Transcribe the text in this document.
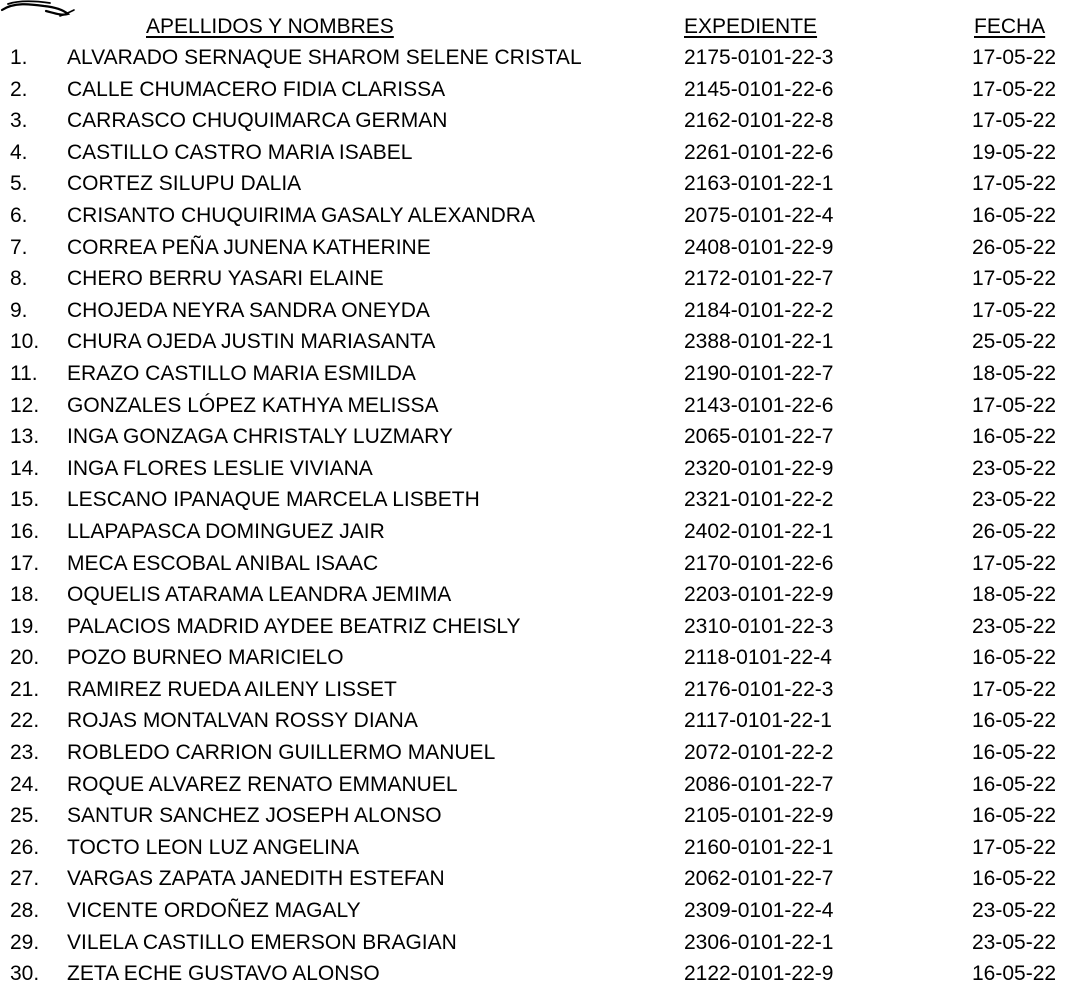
APELLIDOS Y NOMBRES	EXPEDIENTE	FECHA
1. ALVARADO SERNAQUE SHAROM SELENE CRISTAL	2175-0101-22-3	17-05-22
2. CALLE CHUMACERO FIDIA CLARISSA	2145-0101-22-6	17-05-22
3. CARRASCO CHUQUIMARCA GERMAN	2162-0101-22-8	17-05-22
4. CASTILLO CASTRO MARIA ISABEL	2261-0101-22-6	19-05-22
5. CORTEZ SILUPU DALIA	2163-0101-22-1	17-05-22
6. CRISANTO CHUQUIRIMA GASALY ALEXANDRA	2075-0101-22-4	16-05-22
7. CORREA PEÑA JUNENA KATHERINE	2408-0101-22-9	26-05-22
8. CHERO BERRU YASARI ELAINE	2172-0101-22-7	17-05-22
9. CHOJEDA NEYRA SANDRA ONEYDA	2184-0101-22-2	17-05-22
10. CHURA OJEDA JUSTIN MARIASANTA	2388-0101-22-1	25-05-22
11. ERAZO CASTILLO MARIA ESMILDA	2190-0101-22-7	18-05-22
12. GONZALES LÓPEZ KATHYA MELISSA	2143-0101-22-6	17-05-22
13. INGA GONZAGA CHRISTALY LUZMARY	2065-0101-22-7	16-05-22
14. INGA FLORES LESLIE VIVIANA	2320-0101-22-9	23-05-22
15. LESCANO IPANAQUE MARCELA LISBETH	2321-0101-22-2	23-05-22
16. LLAPAPASCA DOMINGUEZ JAIR	2402-0101-22-1	26-05-22
17. MECA ESCOBAL ANIBAL ISAAC	2170-0101-22-6	17-05-22
18. OQUELIS ATARAMA LEANDRA JEMIMA	2203-0101-22-9	18-05-22
19. PALACIOS MADRID AYDEE BEATRIZ CHEISLY	2310-0101-22-3	23-05-22
20. POZO BURNEO MARICIELO	2118-0101-22-4	16-05-22
21. RAMIREZ RUEDA AILENY LISSET	2176-0101-22-3	17-05-22
22. ROJAS MONTALVAN ROSSY DIANA	2117-0101-22-1	16-05-22
23. ROBLEDO CARRION GUILLERMO MANUEL	2072-0101-22-2	16-05-22
24. ROQUE ALVAREZ RENATO EMMANUEL	2086-0101-22-7	16-05-22
25. SANTUR SANCHEZ JOSEPH ALONSO	2105-0101-22-9	16-05-22
26. TOCTO LEON LUZ ANGELINA	2160-0101-22-1	17-05-22
27. VARGAS ZAPATA JANEDITH ESTEFAN	2062-0101-22-7	16-05-22
28. VICENTE ORDOÑEZ MAGALY	2309-0101-22-4	23-05-22
29. VILELA CASTILLO EMERSON BRAGIAN	2306-0101-22-1	23-05-22
30. ZETA ECHE GUSTAVO ALONSO	2122-0101-22-9	16-05-22
